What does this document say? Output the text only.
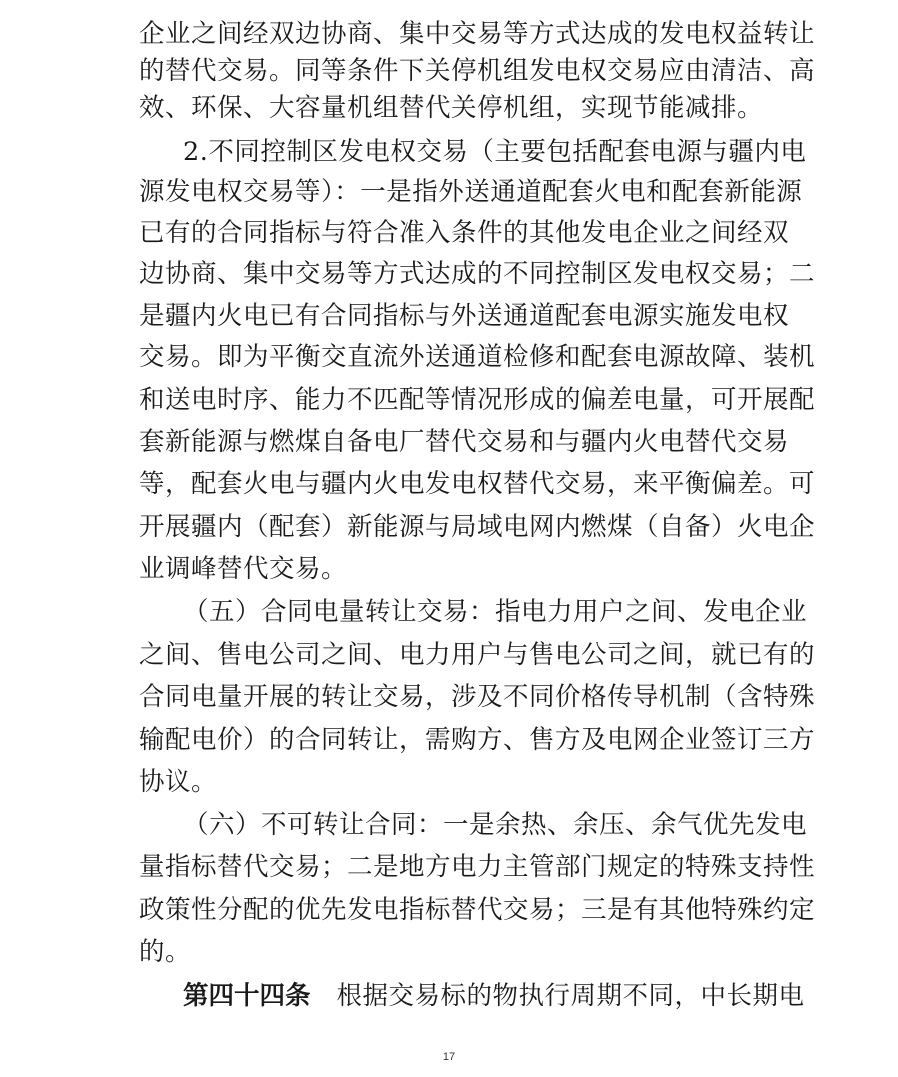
企业之间经双边协商、集中交易等方式达成的发电权益转让
的替代交易。同等条件下关停机组发电权交易应由清洁、高
效、环保、大容量机组替代关停机组，实现节能减排。
2.不同控制区发电权交易（主要包括配套电源与疆内电
源发电权交易等）：一是指外送通道配套火电和配套新能源
已有的合同指标与符合准入条件的其他发电企业之间经双
边协商、集中交易等方式达成的不同控制区发电权交易；二
是疆内火电已有合同指标与外送通道配套电源实施发电权
交易。即为平衡交直流外送通道检修和配套电源故障、装机
和送电时序、能力不匹配等情况形成的偏差电量，可开展配
套新能源与燃煤自备电厂替代交易和与疆内火电替代交易
等，配套火电与疆内火电发电权替代交易，来平衡偏差。可
开展疆内（配套）新能源与局域电网内燃煤（自备）火电企
业调峰替代交易。
（五）合同电量转让交易：指电力用户之间、发电企业
之间、售电公司之间、电力用户与售电公司之间，就已有的
合同电量开展的转让交易，涉及不同价格传导机制（含特殊
输配电价）的合同转让，需购方、售方及电网企业签订三方
协议。
（六）不可转让合同：一是余热、余压、余气优先发电
量指标替代交易；二是地方电力主管部门规定的特殊支持性
政策性分配的优先发电指标替代交易；三是有其他特殊约定
的。
第四十四条 根据交易标的物执行周期不同，中长期电
17
